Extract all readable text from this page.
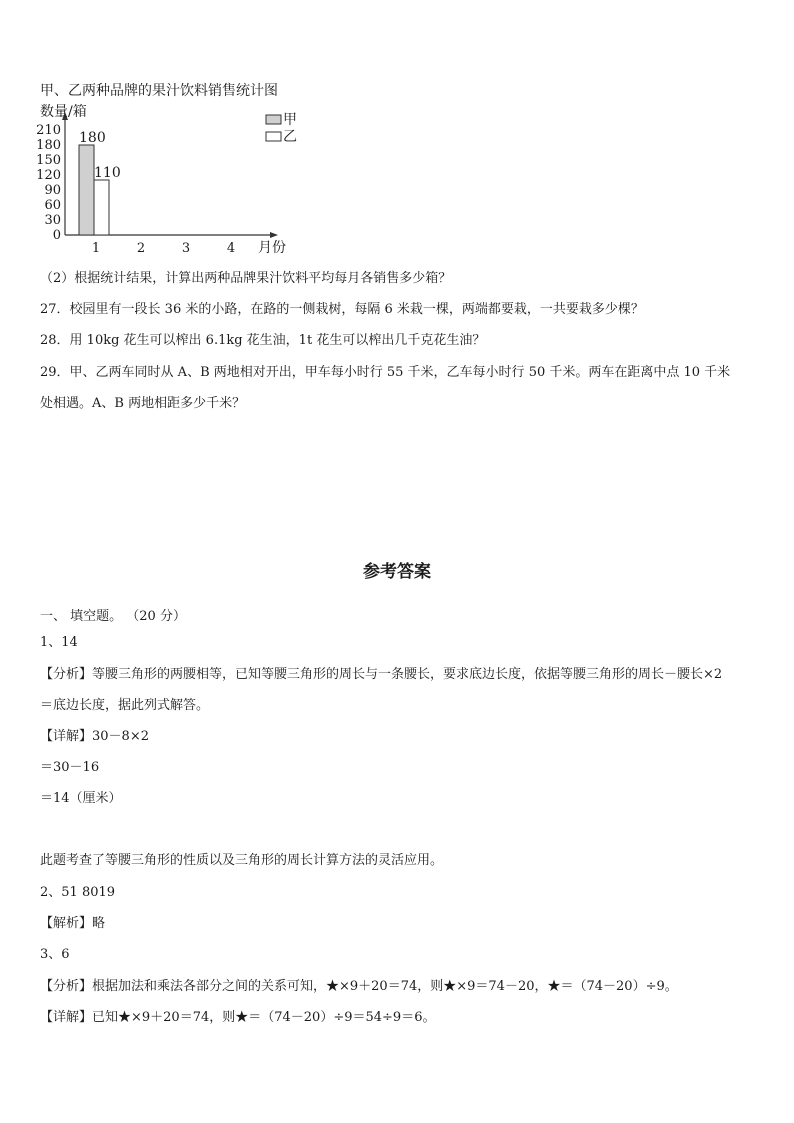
甲、乙两种品牌的果汁饮料销售统计图
数量/箱
月份
0
30
60
90
120
150
180
210
1	2	3	4
180
110
甲
乙
（2）根据统计结果，计算出两种品牌果汁饮料平均每月各销售多少箱？
27．校园里有一段长 36 米的小路，在路的一侧栽树，每隔 6 米栽一棵，两端都要栽，一共要栽多少棵？
28．用 10kg 花生可以榨出 6.1kg 花生油，1t 花生可以榨出几千克花生油？
29．甲、乙两车同时从 A、B 两地相对开出，甲车每小时行 55 千米，乙车每小时行 50 千米。两车在距离中点 10 千米
处相遇。A、B 两地相距多少千米？
参考答案
一、 填空题。 （20 分）
1、14
【分析】等腰三角形的两腰相等，已知等腰三角形的周长与一条腰长，要求底边长度，依据等腰三角形的周长－腰长×2
＝底边长度，据此列式解答。
【详解】30－8×2
＝30－16
＝14（厘米）
此题考查了等腰三角形的性质以及三角形的周长计算方法的灵活应用。
2、51 8019
【解析】略
3、6
【分析】根据加法和乘法各部分之间的关系可知，★×9＋20＝74，则★×9＝74－20，★＝（74－20）÷9。
【详解】已知★×9＋20＝74，则★＝（74－20）÷9＝54÷9＝6。
